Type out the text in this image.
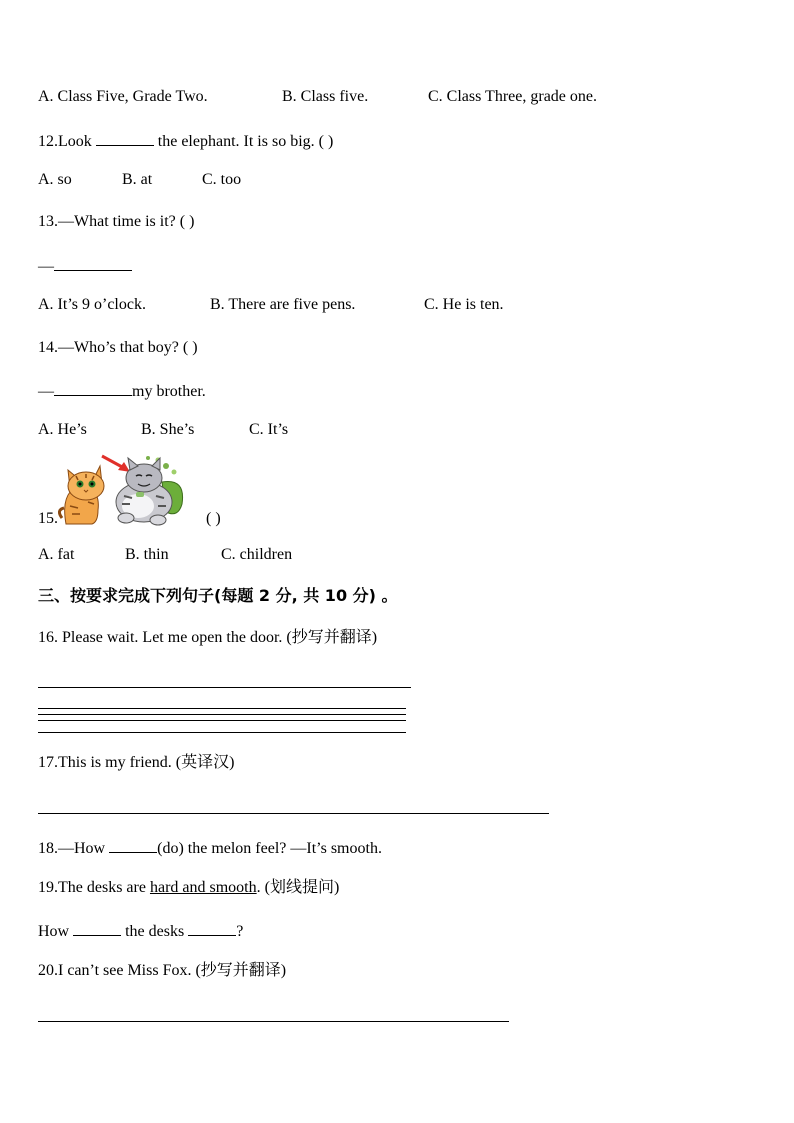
A. Class Five, Grade Two.	B. Class five.	C. Class Three, grade one.
12.Look	the elephant. It is so big. ( )
A. so	B. at	C. too
13.—What time is it? ( )
—
A. It’s 9 o’clock.	B. There are five pens.	C. He is ten.
14.—Who’s that boy? ( )
—	my brother.
A. He’s	B. She’s	C. It’s
15.	( )
A. fat	B. thin	C. children
三、按要求完成下列句子(每题 2 分, 共 10 分) 。
16. Please wait. Let me open the door. (抄写并翻译)
17.This is my friend. (英译汉)
18.—How	(do) the melon feel? —It’s smooth.
19.The desks are hard and smooth. (划线提问)
How	the desks	?
20.I can’t see Miss Fox. (抄写并翻译)
